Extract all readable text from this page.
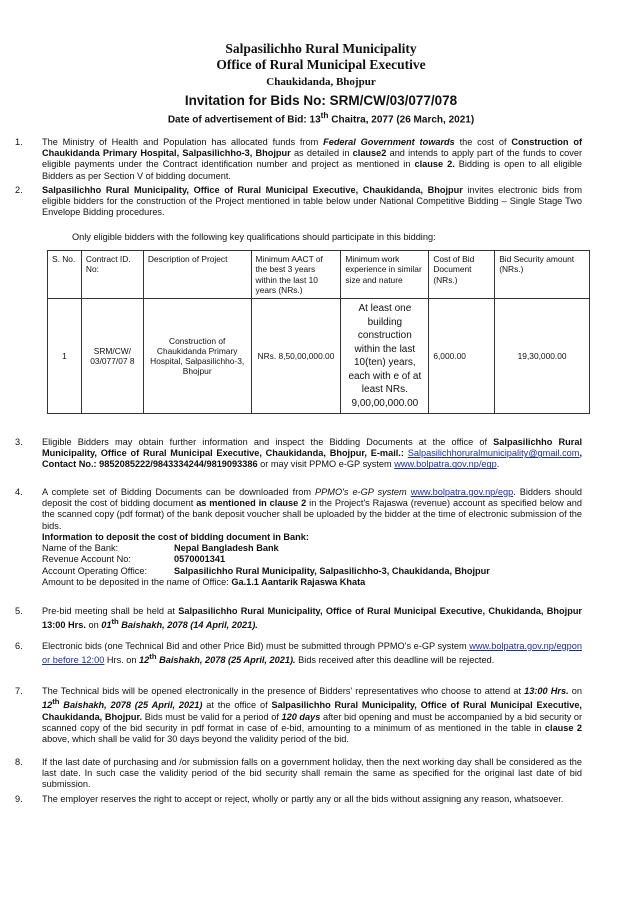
Salpasilichho Rural Municipality
Office of Rural Municipal Executive
Chaukidanda, Bhojpur
Invitation for Bids No: SRM/CW/03/077/078
Date of advertisement of Bid: 13th Chaitra, 2077 (26 March, 2021)
1. The Ministry of Health and Population has allocated funds from Federal Government towards the cost of Construction of Chaukidanda Primary Hospital, Salpasilichho-3, Bhojpur as detailed in clause2 and intends to apply part of the funds to cover eligible payments under the Contract identification number and project as mentioned in clause 2. Bidding is open to all eligible Bidders as per Section V of bidding document.
2. Salpasilichho Rural Municipality, Office of Rural Municipal Executive, Chaukidanda, Bhojpur invites electronic bids from eligible bidders for the construction of the Project mentioned in table below under National Competitive Bidding – Single Stage Two Envelope Bidding procedures.
Only eligible bidders with the following key qualifications should participate in this bidding:
S. No.	Contract ID. No:	Description of Project	Minimum AACT of the best 3 years within the last 10 years (NRs.)	Minimum work experience in similar size and nature	Cost of Bid Document (NRs.)	Bid Security amount (NRs.)
1	SRM/CW/ 03/077/07 8	Construction of Chaukidanda Primary Hospital, Salpasilichho-3, Bhojpur	NRs. 8,50,00,000.00	At least one building construction within the last 10(ten) years, each with e of at least NRs. 9,00,00,000.00	6,000.00	19,30,000.00
3. Eligible Bidders may obtain further information and inspect the Bidding Documents at the office of Salpasilichho Rural Municipality, Office of Rural Municipal Executive, Chaukidanda, Bhojpur, E-mail.: Salpasilichhoruralmunicipality@gmail.com, Contact No.: 9852085222/9843334244/9819093386 or may visit PPMO e-GP system www.bolpatra.gov.np/egp.
4. A complete set of Bidding Documents can be downloaded from PPMO's e-GP system www.bolpatra.gov.np/egp. Bidders should deposit the cost of bidding document as mentioned in clause 2 in the Project's Rajaswa (revenue) account as specified below and the scanned copy (pdf format) of the bank deposit voucher shall be uploaded by the bidder at the time of electronic submission of the bids.
Information to deposit the cost of bidding document in Bank:
Name of the Bank:	Nepal Bangladesh Bank
Revenue Account No:	0570001341
Account Operating Office:	Salpasilichho Rural Municipality, Salpasilichho-3, Chaukidanda, Bhojpur
Amount to be deposited in the name of Office: Ga.1.1 Aantarik Rajaswa Khata
5. Pre-bid meeting shall be held at Salpasilichho Rural Municipality, Office of Rural Municipal Executive, Chukidanda, Bhojpur 13:00 Hrs. on 01th Baishakh, 2078 (14 April, 2021).
6. Electronic bids (one Technical Bid and other Price Bid) must be submitted through PPMO's e-GP system www.bolpatra.gov.np/egpon or before 12:00 Hrs. on 12th Baishakh, 2078 (25 April, 2021). Bids received after this deadline will be rejected.
7. The Technical bids will be opened electronically in the presence of Bidders' representatives who choose to attend at 13:00 Hrs. on 12th Baishakh, 2078 (25 April, 2021) at the office of Salpasilichho Rural Municipality, Office of Rural Municipal Executive, Chaukidanda, Bhojpur. Bids must be valid for a period of 120 days after bid opening and must be accompanied by a bid security or scanned copy of the bid security in pdf format in case of e-bid, amounting to a minimum of as mentioned in the table in clause 2 above, which shall be valid for 30 days beyond the validity period of the bid.
8. If the last date of purchasing and /or submission falls on a government holiday, then the next working day shall be considered as the last date. In such case the validity period of the bid security shall remain the same as specified for the original last date of bid submission.
9. The employer reserves the right to accept or reject, wholly or partly any or all the bids without assigning any reason, whatsoever.
